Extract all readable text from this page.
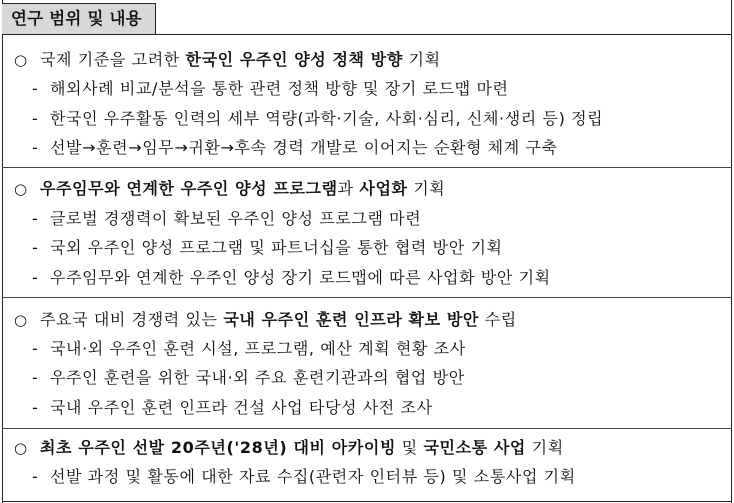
연구 범위 및 내용
○ 국제 기준을 고려한 한국인 우주인 양성 정책 방향 기획
- 해외사례 비교/분석을 통한 관련 정책 방향 및 장기 로드맵 마련
- 한국인 우주활동 인력의 세부 역량(과학·기술, 사회·심리, 신체·생리 등) 정립
- 선발→훈련→임무→귀환→후속 경력 개발로 이어지는 순환형 체계 구축
○ 우주임무와 연계한 우주인 양성 프로그램과 사업화 기획
- 글로벌 경쟁력이 확보된 우주인 양성 프로그램 마련
- 국외 우주인 양성 프로그램 및 파트너십을 통한 협력 방안 기획
- 우주임무와 연계한 우주인 양성 장기 로드맵에 따른 사업화 방안 기획
○ 주요국 대비 경쟁력 있는 국내 우주인 훈련 인프라 확보 방안 수립
- 국내·외 우주인 훈련 시설, 프로그램, 예산 계획 현황 조사
- 우주인 훈련을 위한 국내·외 주요 훈련기관과의 협업 방안
- 국내 우주인 훈련 인프라 건설 사업 타당성 사전 조사
○ 최초 우주인 선발 20주년('28년) 대비 아카이빙 및 국민소통 사업 기획
- 선발 과정 및 활동에 대한 자료 수집(관련자 인터뷰 등) 및 소통사업 기획
